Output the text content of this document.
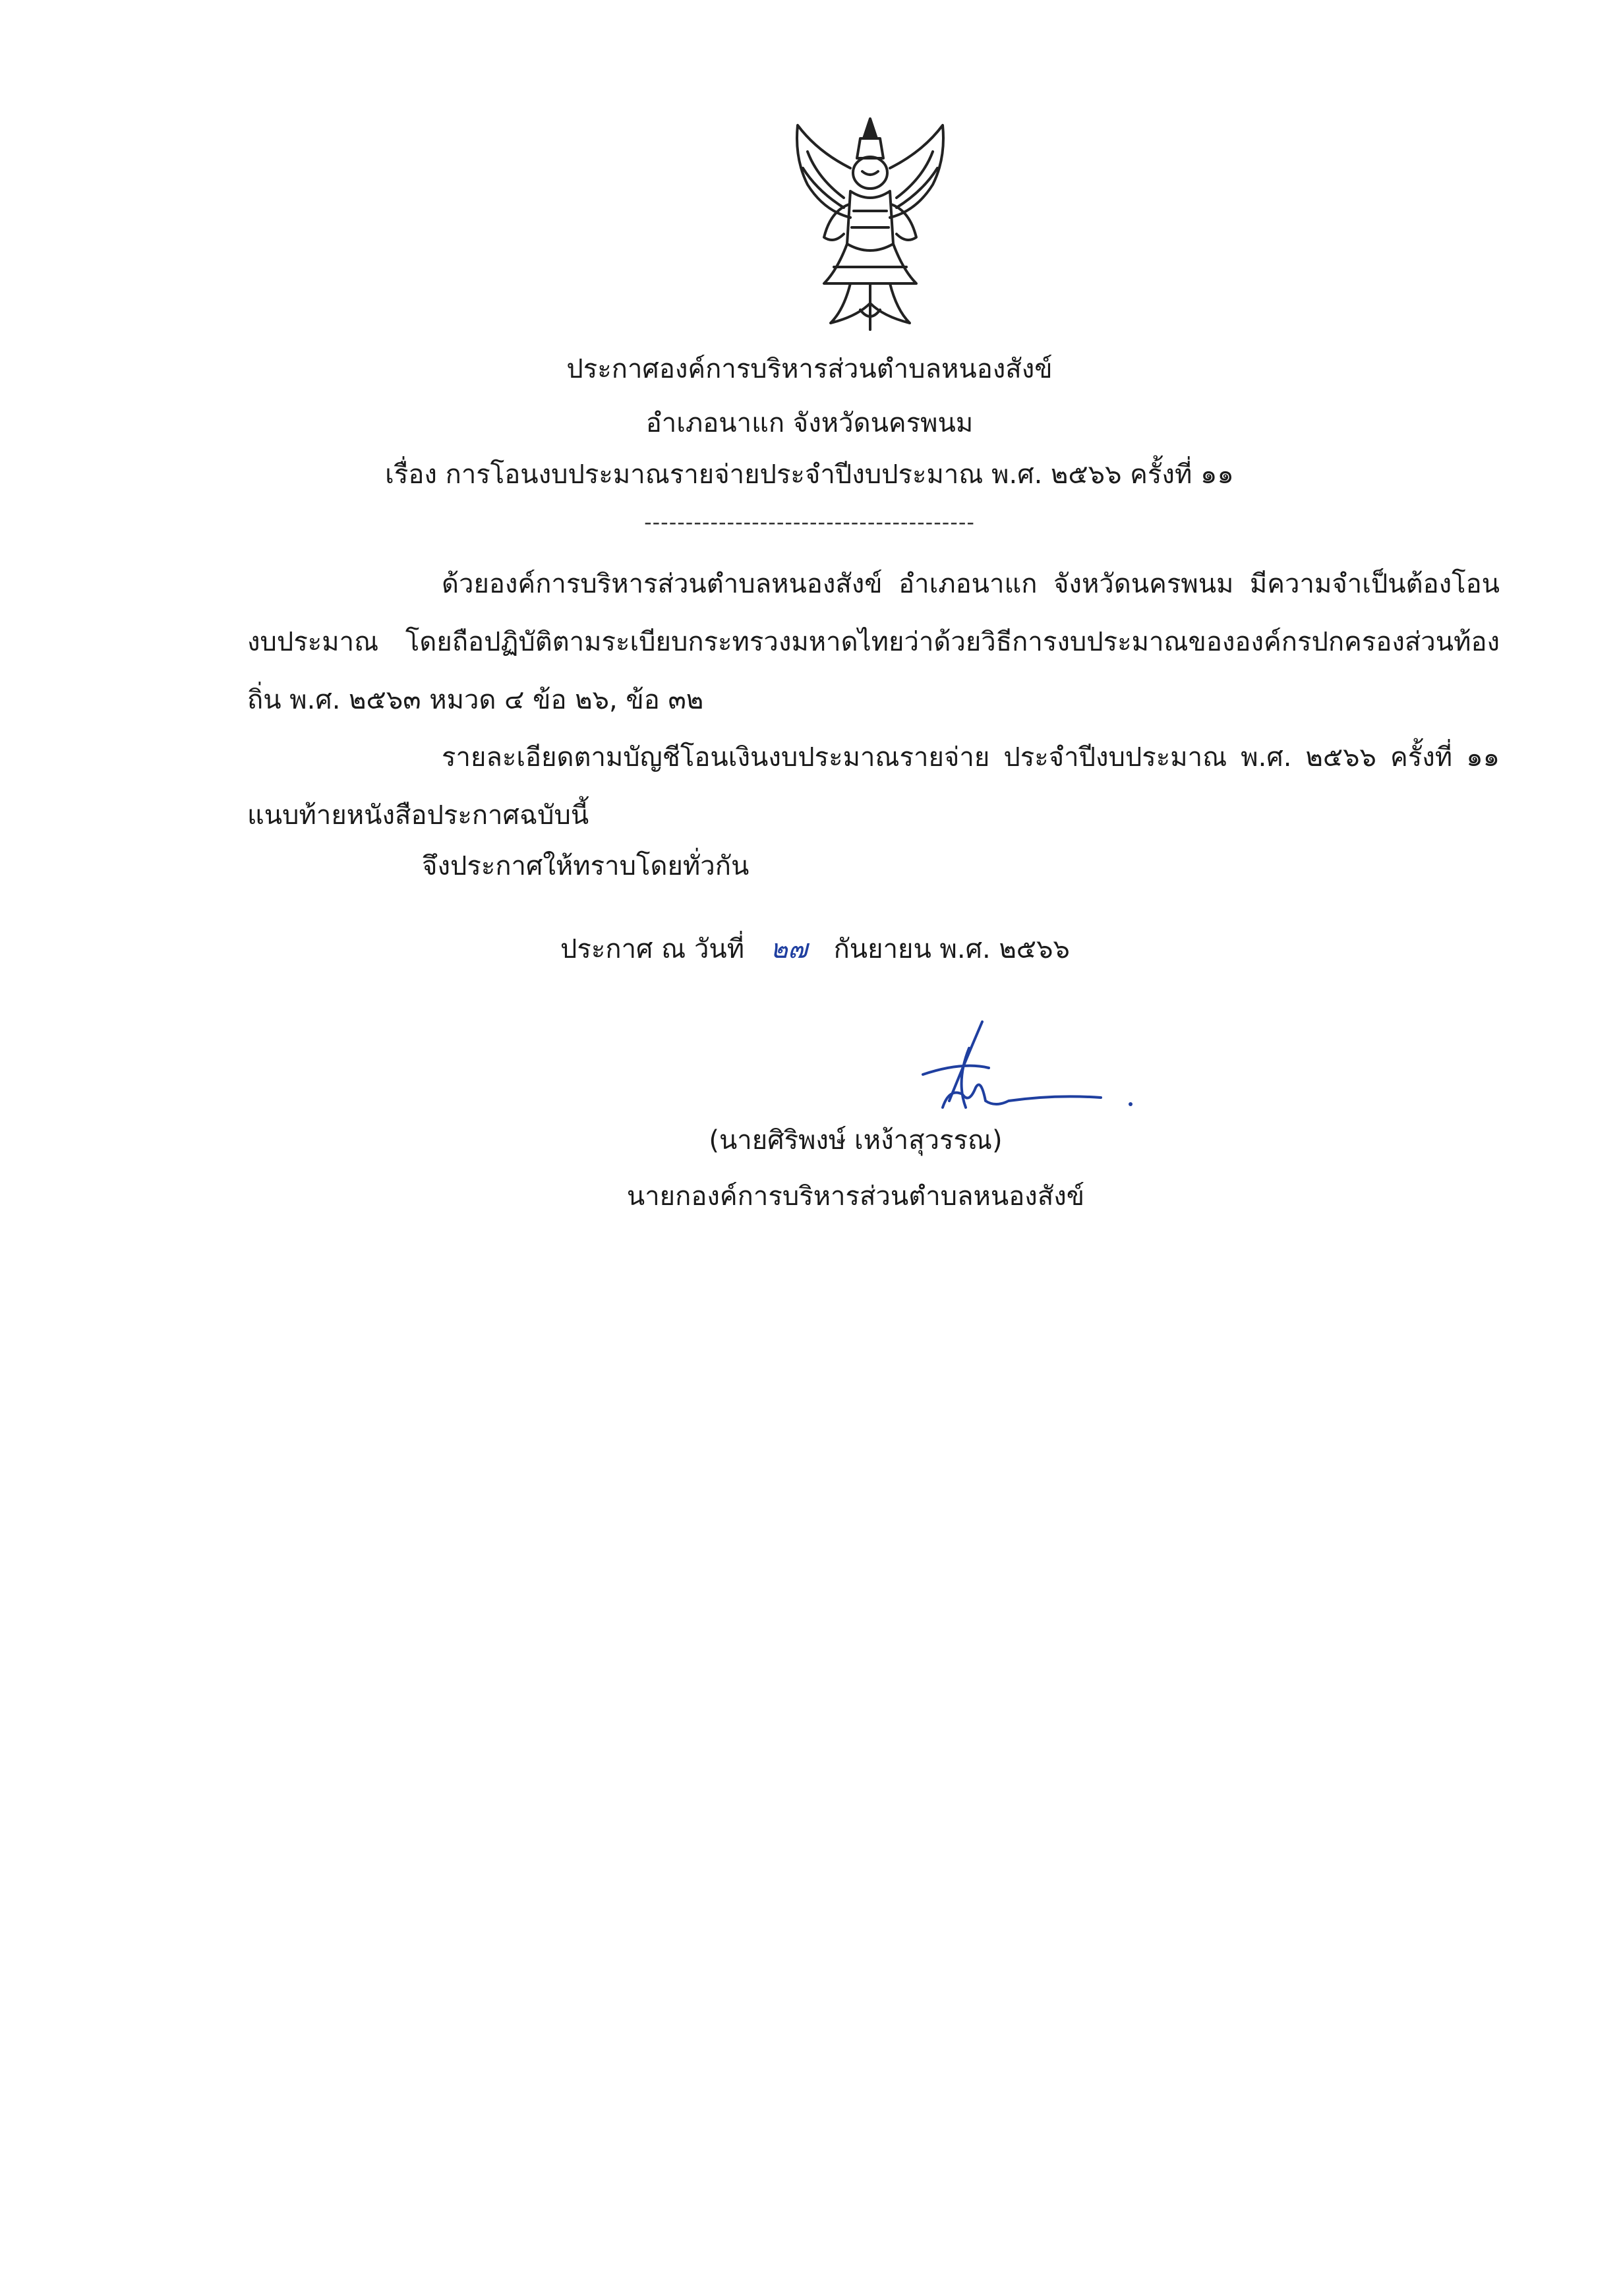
ประกาศองค์การบริหารส่วนตำบลหนองสังข์
อำเภอนาแก จังหวัดนครพนม
เรื่อง การโอนงบประมาณรายจ่ายประจำปีงบประมาณ พ.ศ. ๒๕๖๖ ครั้งที่ ๑๑
----------------------------------------
ด้วยองค์การบริหารส่วนตำบลหนองสังข์ อำเภอนาแก จังหวัดนครพนม มีความจำเป็นต้องโอนงบประมาณ โดยถือปฏิบัติตามระเบียบกระทรวงมหาดไทยว่าด้วยวิธีการงบประมาณขององค์กรปกครองส่วนท้องถิ่น พ.ศ. ๒๕๖๓ หมวด ๔ ข้อ ๒๖, ข้อ ๓๒
รายละเอียดตามบัญชีโอนเงินงบประมาณรายจ่าย ประจำปีงบประมาณ พ.ศ. ๒๕๖๖ ครั้งที่ ๑๑ แนบท้ายหนังสือประกาศฉบับนี้
จึงประกาศให้ทราบโดยทั่วกัน
ประกาศ ณ วันที่ ๒๗ กันยายน พ.ศ. ๒๕๖๖
(นายศิริพงษ์ เหง้าสุวรรณ)
นายกองค์การบริหารส่วนตำบลหนองสังข์
